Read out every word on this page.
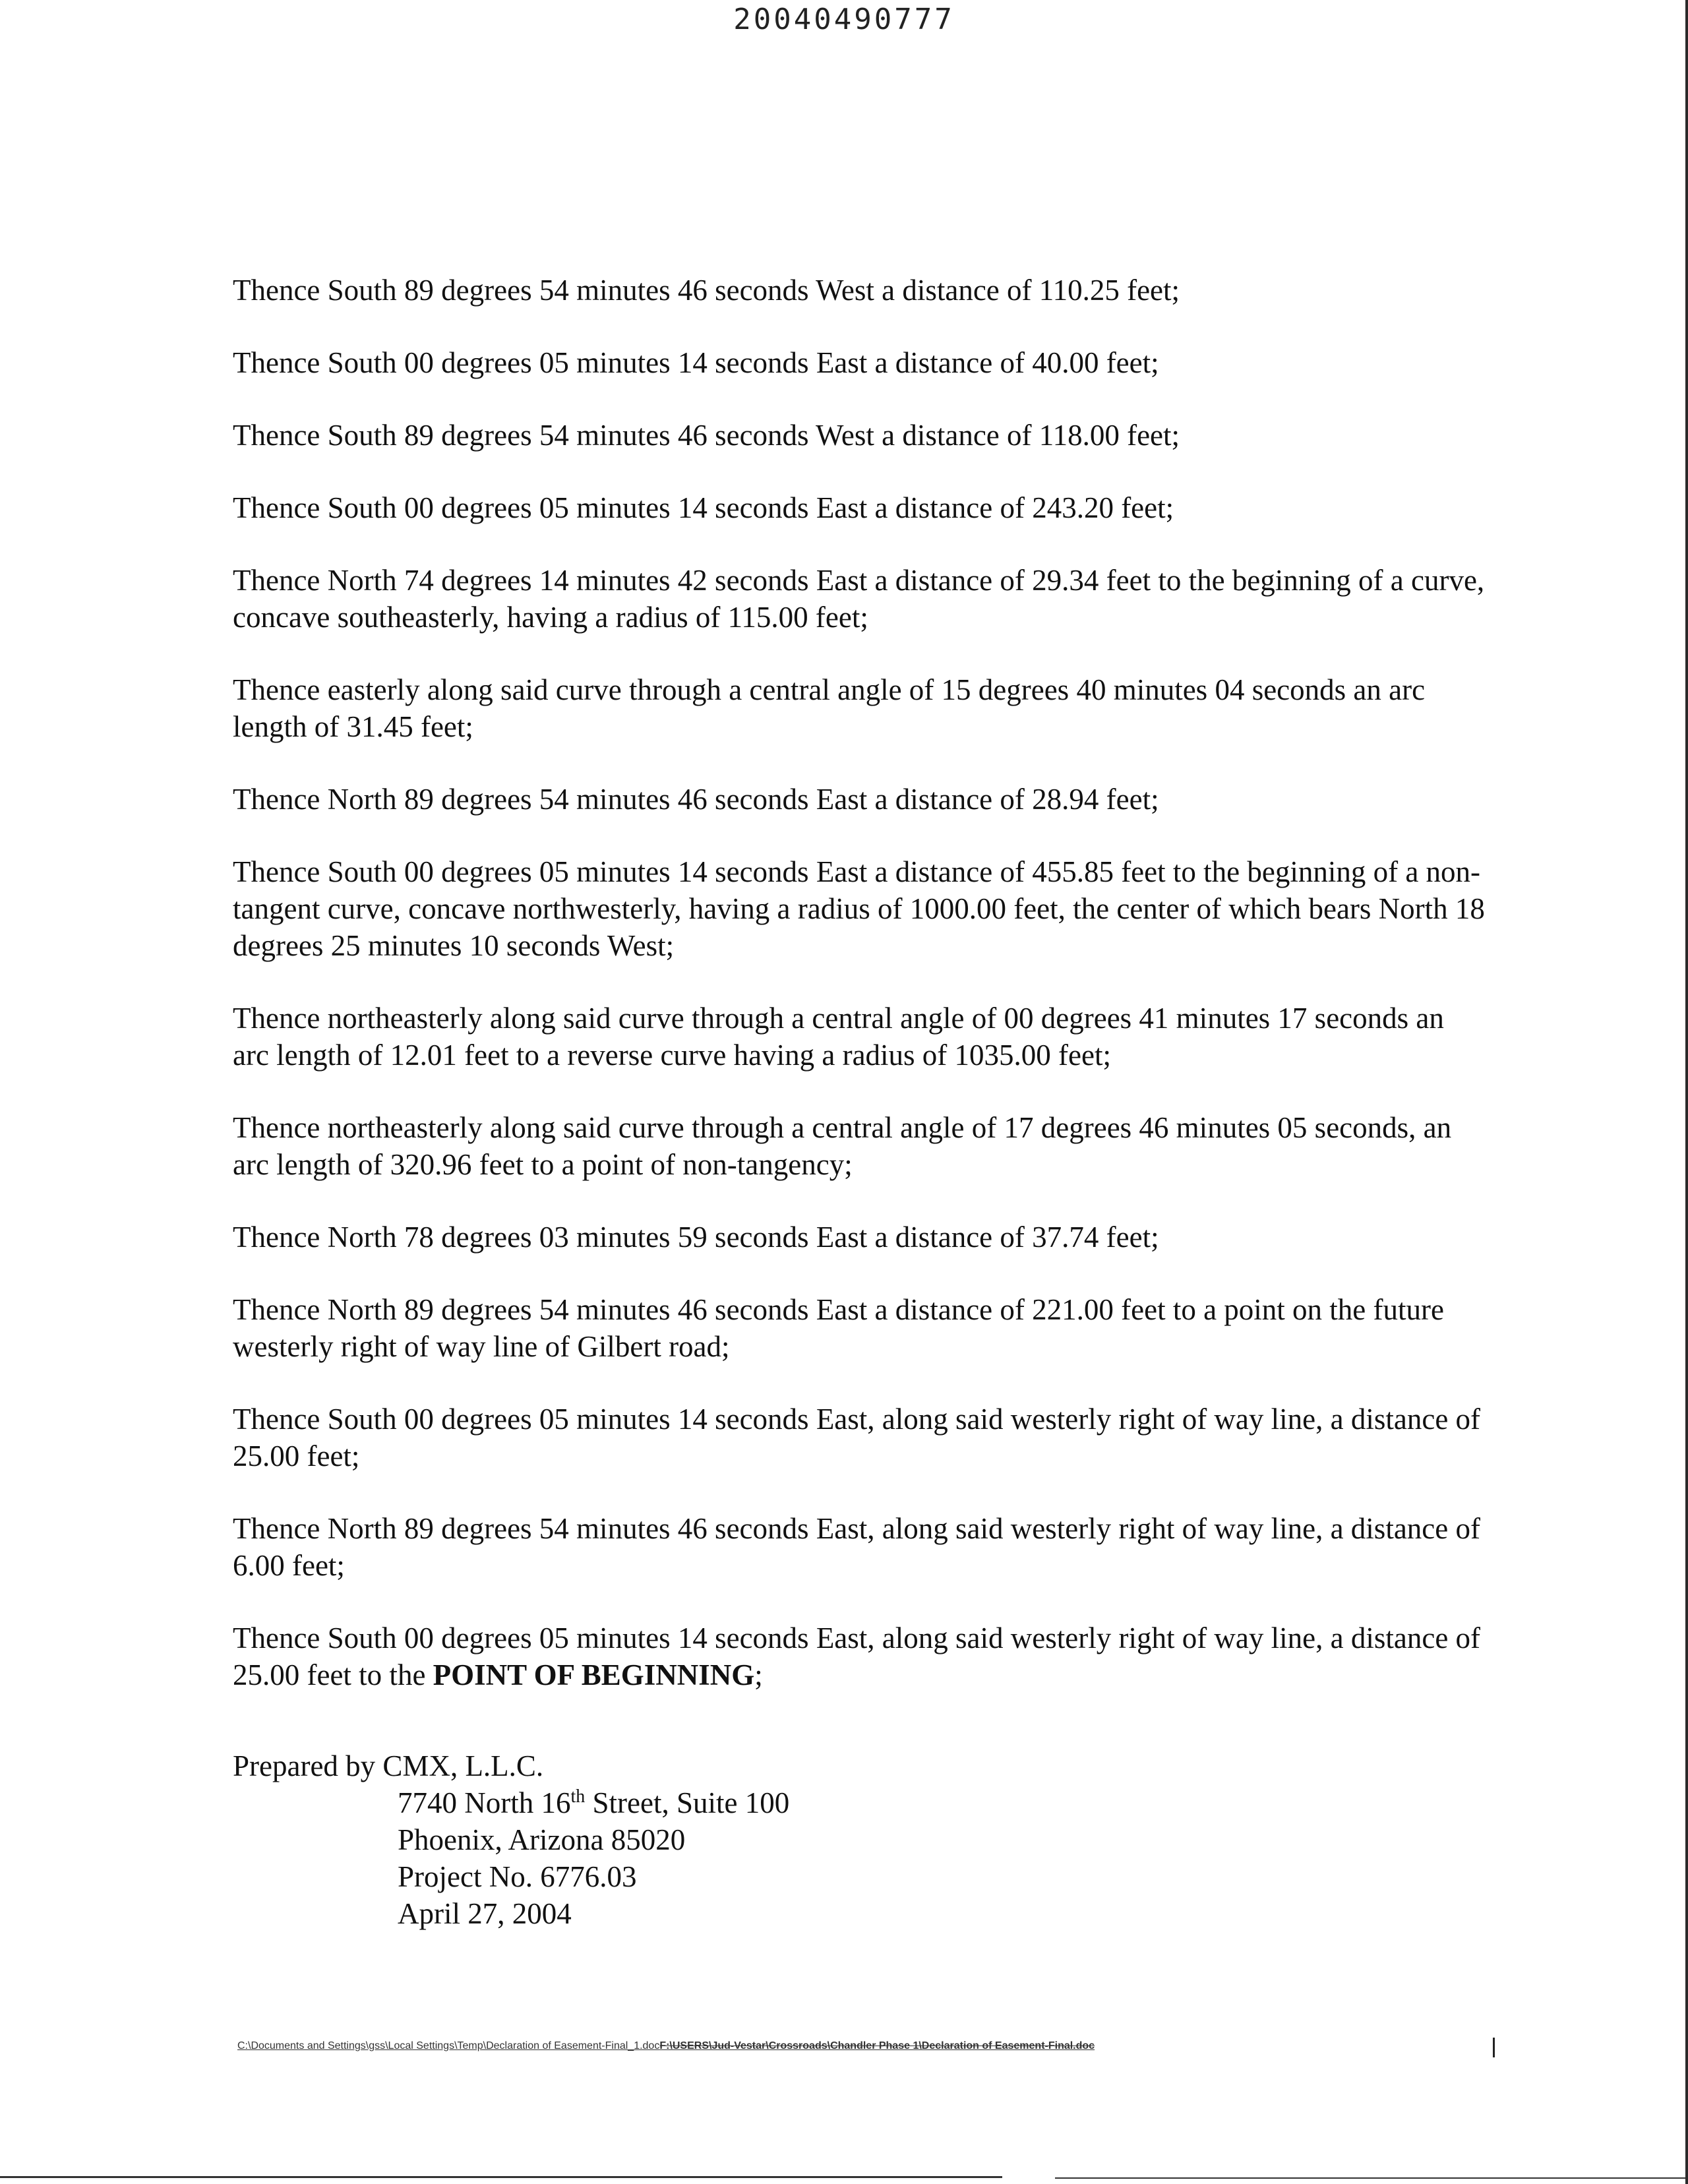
20040490777

Thence South 89 degrees 54 minutes 46 seconds West a distance of 110.25 feet;

Thence South 00 degrees 05 minutes 14 seconds East a distance of 40.00 feet;

Thence South 89 degrees 54 minutes 46 seconds West a distance of 118.00 feet;

Thence South 00 degrees 05 minutes 14 seconds East a distance of 243.20 feet;

Thence North 74 degrees 14 minutes 42 seconds East a distance of 29.34 feet to the beginning of a curve, concave southeasterly, having a radius of 115.00 feet;

Thence easterly along said curve through a central angle of 15 degrees 40 minutes 04 seconds an arc length of 31.45 feet;

Thence North 89 degrees 54 minutes 46 seconds East a distance of 28.94 feet;

Thence South 00 degrees 05 minutes 14 seconds East a distance of 455.85 feet to the beginning of a non-tangent curve, concave northwesterly, having a radius of 1000.00 feet, the center of which bears North 18 degrees 25 minutes 10 seconds West;

Thence northeasterly along said curve through a central angle of 00 degrees 41 minutes 17 seconds an arc length of 12.01 feet to a reverse curve having a radius of 1035.00 feet;

Thence northeasterly along said curve through a central angle of 17 degrees 46 minutes 05 seconds, an arc length of 320.96 feet to a point of non-tangency;

Thence North 78 degrees 03 minutes 59 seconds East a distance of 37.74 feet;

Thence North 89 degrees 54 minutes 46 seconds East a distance of 221.00 feet to a point on the future westerly right of way line of Gilbert road;

Thence South 00 degrees 05 minutes 14 seconds East, along said westerly right of way line, a distance of 25.00 feet;

Thence North 89 degrees 54 minutes 46 seconds East, along said westerly right of way line, a distance of 6.00 feet;

Thence South 00 degrees 05 minutes 14 seconds East, along said westerly right of way line, a distance of 25.00 feet to the POINT OF BEGINNING;

Prepared by CMX, L.L.C.
7740 North 16th Street, Suite 100
Phoenix, Arizona 85020
Project No. 6776.03
April 27, 2004
C:\Documents and Settings\gss\Local Settings\Temp\Declaration of Easement-Final_1.docF:\USERS\Jud-Vestar\Crossroads\Chandler Phase 1\Declaration of Easement-Final.doc
